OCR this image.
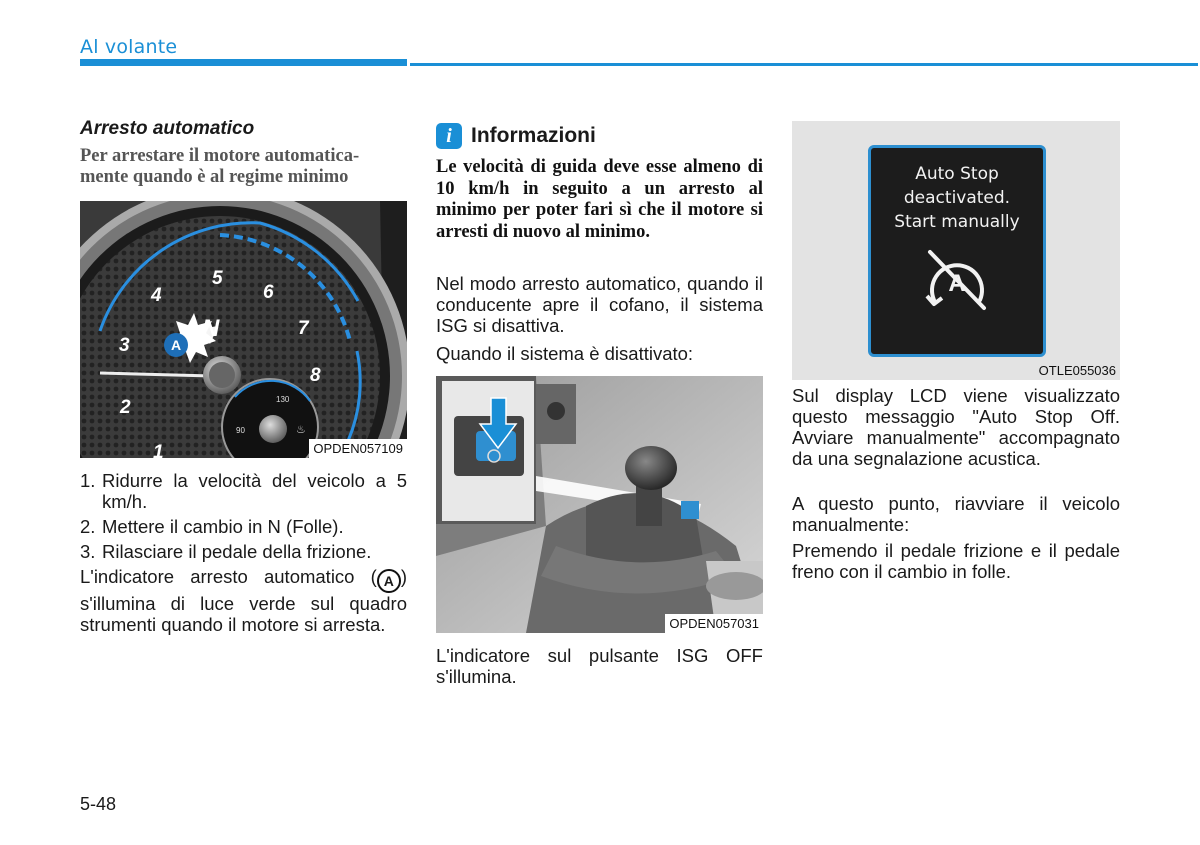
Al volante
Arresto automatico
Per arrestare il motore automatica-mente quando è al regime minimo
1
2
3
4
5
6
7
8
A
N
130
90	♨
OPDEN057109
1. Ridurre la velocità del veicolo a 5 km/h.
2. Mettere il cambio in N (Folle).
3. Rilasciare il pedale della frizione.
L'indicatore arresto automatico ( A ) s'illumina di luce verde sul quadro strumenti quando il motore si arresta.
i Informazioni
Le velocità di guida deve esse almeno di 10 km/h in seguito a un arresto al minimo per poter fari sì che il motore si arresti di nuovo al minimo.
Nel modo arresto automatico, quando il conducente apre il cofano, il sistema ISG si disattiva.
Quando il sistema è disattivato:
OPDEN057031
L'indicatore sul pulsante ISG OFF s'illumina.
Auto Stop
deactivated.
Start manually
A
OTLE055036
Sul display LCD viene visualizzato questo messaggio "Auto Stop Off. Avviare manualmente" accompagnato da una segnalazione acustica.
A questo punto, riavviare il veicolo manualmente:
Premendo il pedale frizione e il pedale freno con il cambio in folle.
5-48
